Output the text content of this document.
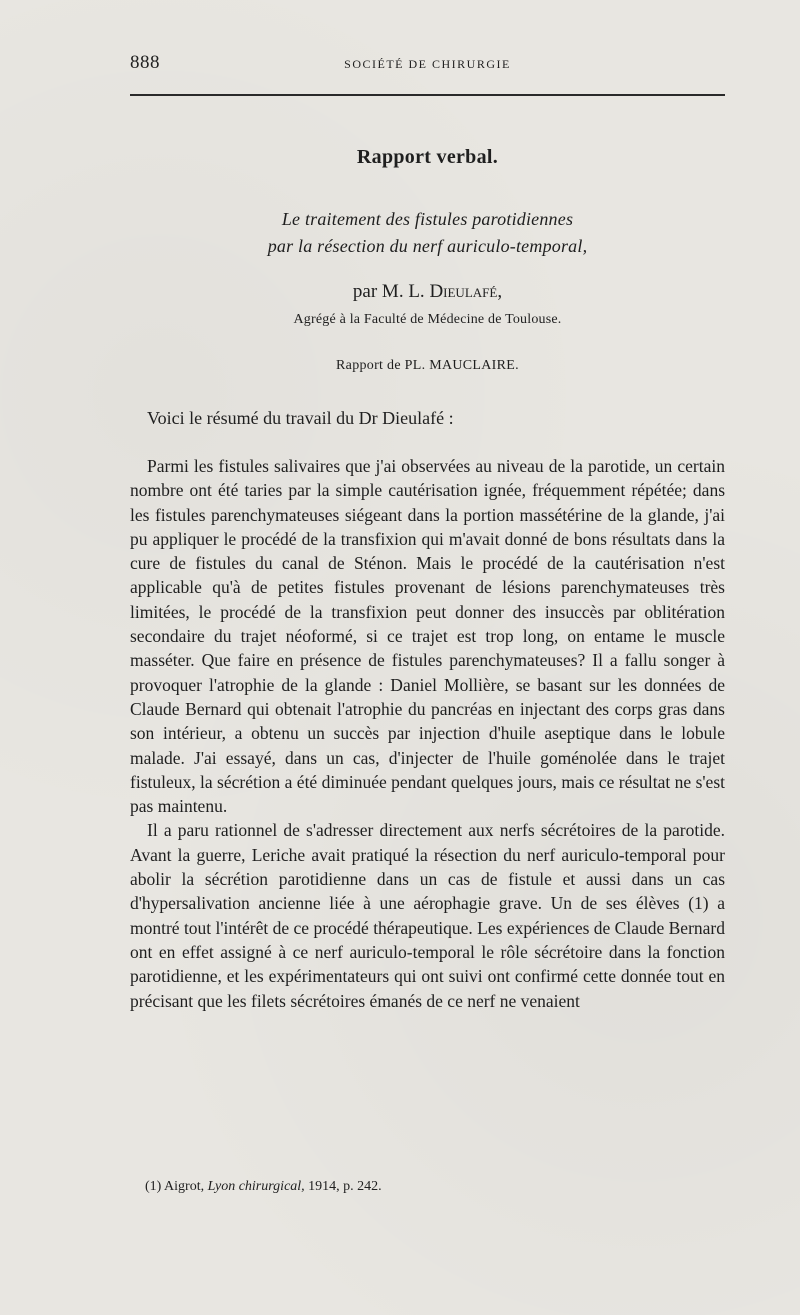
888	SOCIÉTÉ DE CHIRURGIE
Rapport verbal.
Le traitement des fistules parotidiennes
par la résection du nerf auriculo-temporal,
par M. L. Dieulafé,
Agrégé à la Faculté de Médecine de Toulouse.
Rapport de PL. MAUCLAIRE.
Voici le résumé du travail du Dr Dieulafé :

Parmi les fistules salivaires que j'ai observées au niveau de la parotide, un certain nombre ont été taries par la simple cautérisation ignée, fréquemment répétée; dans les fistules parenchymateuses siégeant dans la portion massétérine de la glande, j'ai pu appliquer le procédé de la transfixion qui m'avait donné de bons résultats dans la cure de fistules du canal de Sténon. Mais le procédé de la cautérisation n'est applicable qu'à de petites fistules provenant de lésions parenchymateuses très limitées, le procédé de la transfixion peut donner des insuccès par oblitération secondaire du trajet néoformé, si ce trajet est trop long, on entame le muscle masséter. Que faire en présence de fistules parenchymateuses? Il a fallu songer à provoquer l'atrophie de la glande : Daniel Mollière, se basant sur les données de Claude Bernard qui obtenait l'atrophie du pancréas en injectant des corps gras dans son intérieur, a obtenu un succès par injection d'huile aseptique dans le lobule malade. J'ai essayé, dans un cas, d'injecter de l'huile goménolée dans le trajet fistuleux, la sécrétion a été diminuée pendant quelques jours, mais ce résultat ne s'est pas maintenu.

Il a paru rationnel de s'adresser directement aux nerfs sécrétoires de la parotide. Avant la guerre, Leriche avait pratiqué la résection du nerf auriculo-temporal pour abolir la sécrétion parotidienne dans un cas de fistule et aussi dans un cas d'hypersalivation ancienne liée à une aérophagie grave. Un de ses élèves (1) a montré tout l'intérêt de ce procédé thérapeutique. Les expériences de Claude Bernard ont en effet assigné à ce nerf auriculo-temporal le rôle sécrétoire dans la fonction parotidienne, et les expérimentateurs qui ont suivi ont confirmé cette donnée tout en précisant que les filets sécrétoires émanés de ce nerf ne venaient

(1) Aigrot, Lyon chirurgical, 1914, p. 242.
